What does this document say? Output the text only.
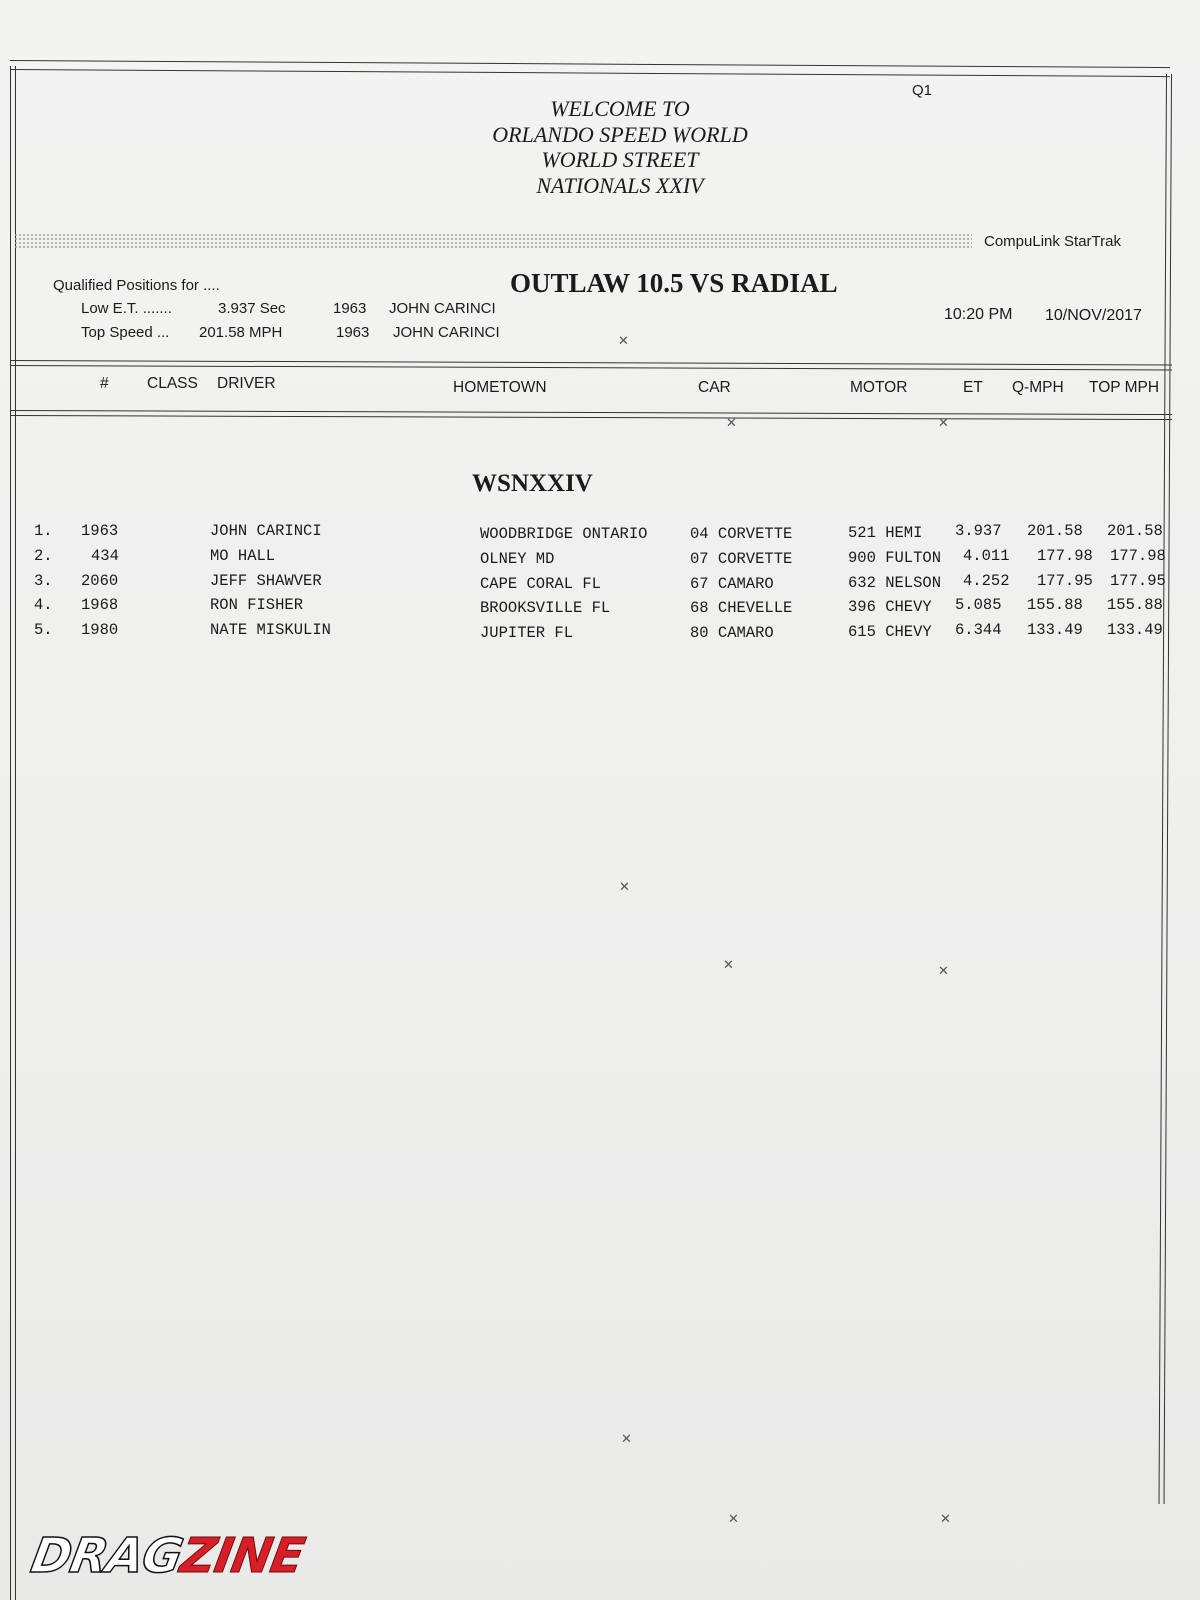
Q1
WELCOME TO
ORLANDO SPEED WORLD
WORLD STREET
NATIONALS XXIV
CompuLink StarTrak
Qualified Positions for ....
Low E.T. .......	3.937 Sec	1963 JOHN CARINCI
Top Speed ... 201.58 MPH	1963 JOHN CARINCI
OUTLAW 10.5 VS RADIAL
10:20 PM 10/NOV/2017
# CLASS DRIVER	HOMETOWN	CAR	MOTOR	ET Q-MPH TOP MPH
WSNXXIV
1. 1963	JOHN CARINCI	WOODBRIDGE ONTARIO	04 CORVETTE	521 HEMI 3.937 201.58 201.58
2. 434	MO HALL	OLNEY MD	07 CORVETTE	900 FULTON 4.011 177.98 177.98
3. 2060	JEFF SHAWVER	CAPE CORAL FL	67 CAMARO	632 NELSON 4.252 177.95 177.95
4. 1968	RON FISHER	BROOKSVILLE FL	68 CHEVELLE	396 CHEVY 5.085 155.88 155.88
5. 1980	NATE MISKULIN	JUPITER FL	80 CAMARO	615 CHEVY 6.344 133.49 133.49
✕
✕	✕
✕
✕	✕
✕
✕	✕
DRAGZINE
